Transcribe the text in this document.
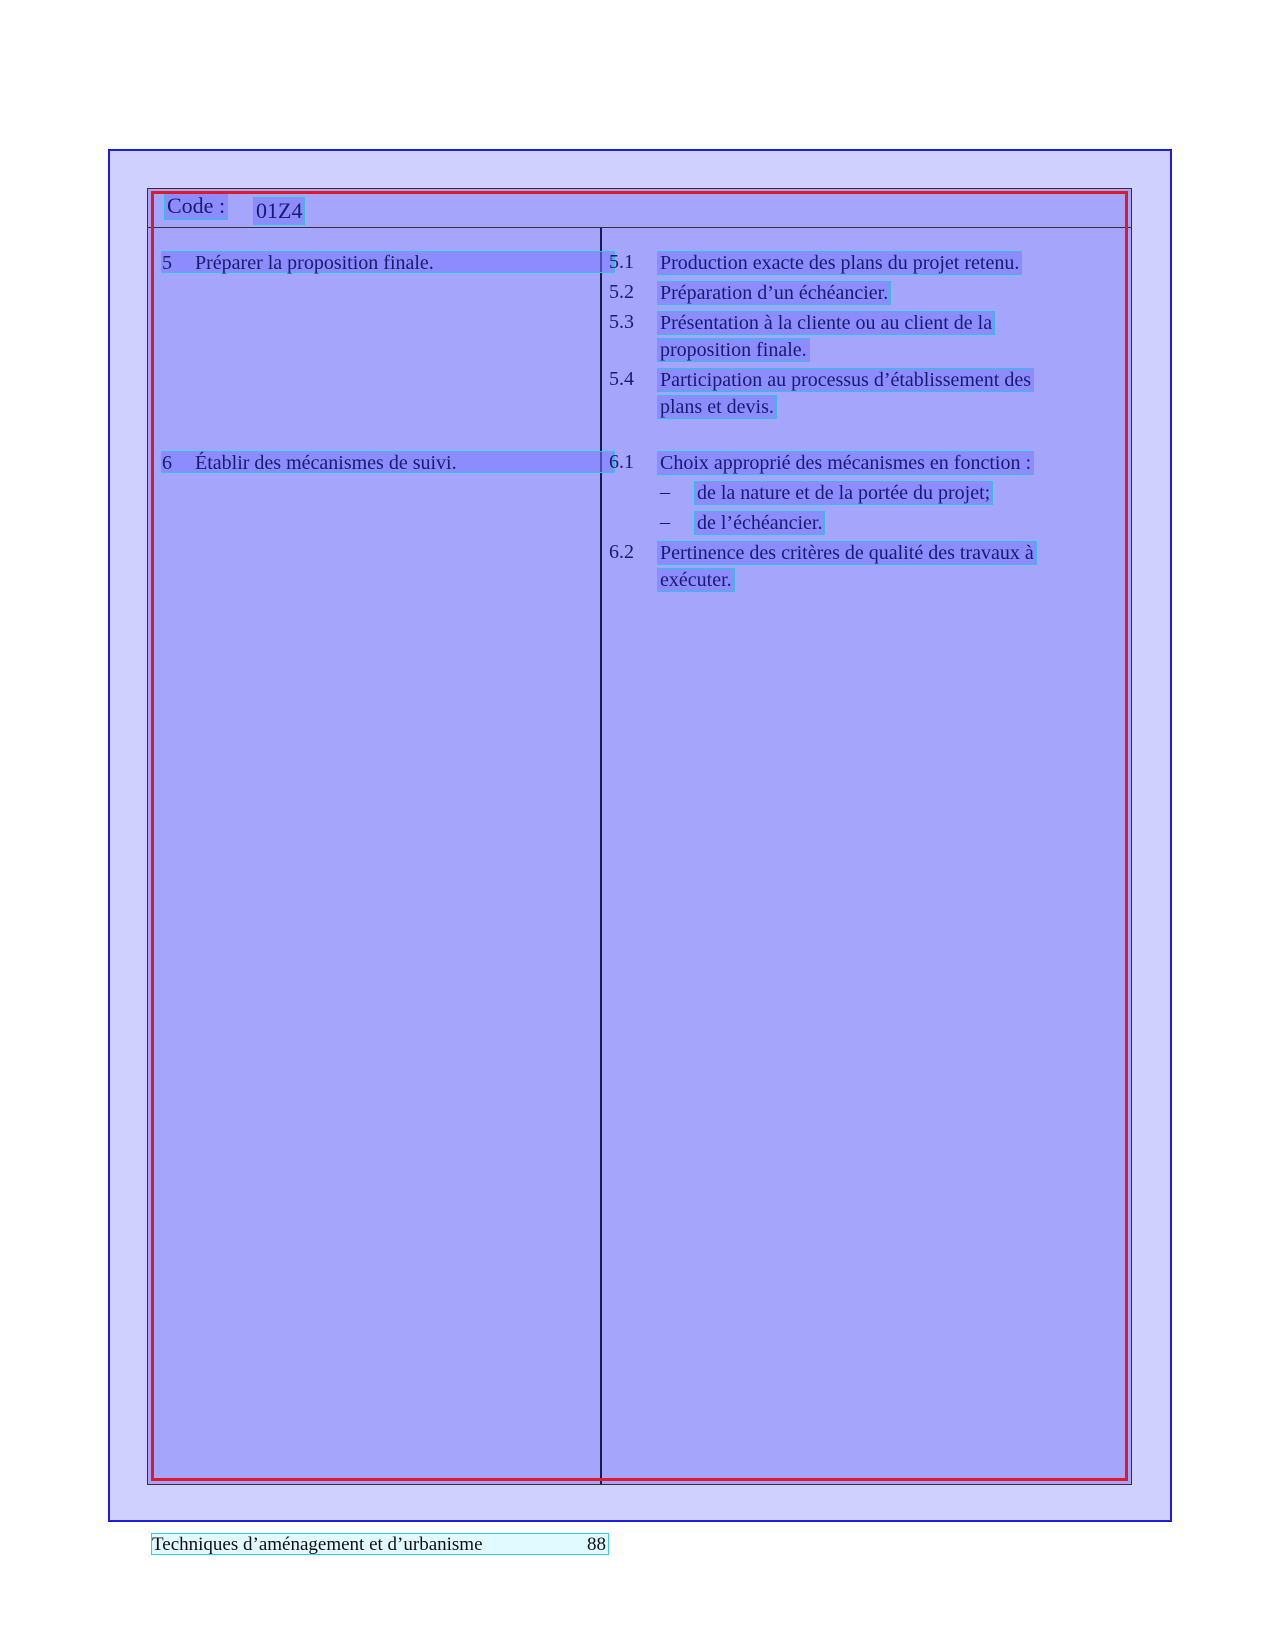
Code : 01Z4
5 Préparer la proposition finale.	5.1 Production exacte des plans du projet retenu.
5.2 Préparation d’un échéancier.
5.3 Présentation à la cliente ou au client de la
proposition finale.
5.4 Participation au processus d’établissement des
plans et devis.
6 Établir des mécanismes de suivi.	6.1 Choix approprié des mécanismes en fonction :
– de la nature et de la portée du projet;
– de l’échéancier.
6.2 Pertinence des critères de qualité des travaux à
exécuter.
Techniques d’aménagement et d’urbanisme	88
